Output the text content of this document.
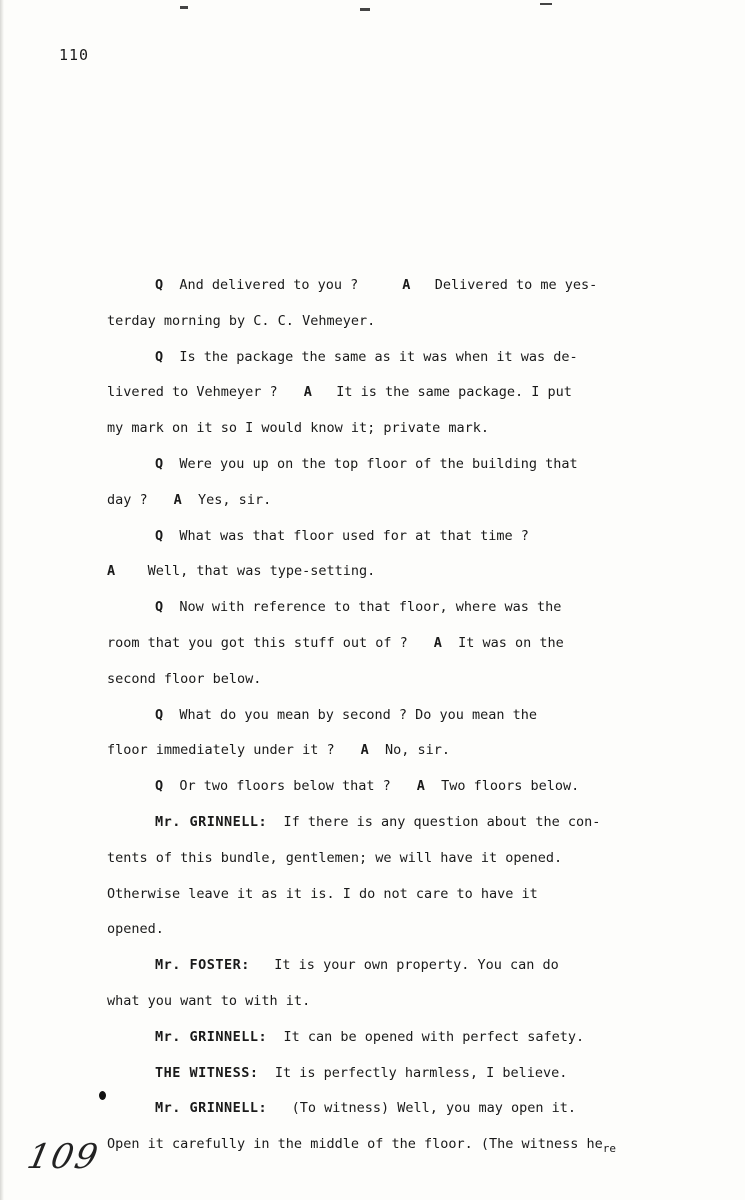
110
Q And delivered to you ?	A Delivered to me yes-
terday morning by C. C. Vehmeyer.
Q Is the package the same as it was when it was de-
livered to Vehmeyer ? A It is the same package. I put
my mark on it so I would know it; private mark.
Q Were you up on the top floor of the building that
day ? A Yes, sir.
Q What was that floor used for at that time ?
A Well, that was type-setting.
Q Now with reference to that floor, where was the
room that you got this stuff out of ? A It was on the
second floor below.
Q What do you mean by second ? Do you mean the
floor immediately under it ? A No, sir.
Q Or two floors below that ? A Two floors below.
Mr. GRINNELL: If there is any question about the con-
tents of this bundle, gentlemen; we will have it opened.
Otherwise leave it as it is. I do not care to have it
opened.
Mr. FOSTER: It is your own property. You can do
what you want to with it.
Mr. GRINNELL: It can be opened with perfect safety.
THE WITNESS: It is perfectly harmless, I believe.
Mr. GRINNELL: (To witness) Well, you may open it.
Open it carefully in the middle of the floor. (The witness $he_{re}$
109
